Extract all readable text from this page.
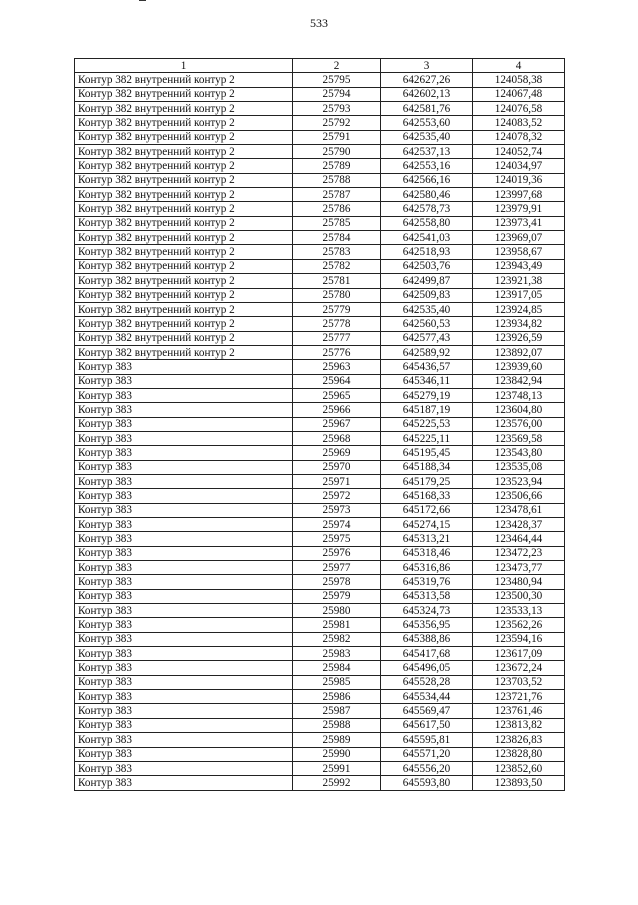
533
1	2	3	4
Контур 382 внутренний контур 2	25795	642627,26	124058,38
Контур 382 внутренний контур 2	25794	642602,13	124067,48
Контур 382 внутренний контур 2	25793	642581,76	124076,58
Контур 382 внутренний контур 2	25792	642553,60	124083,52
Контур 382 внутренний контур 2	25791	642535,40	124078,32
Контур 382 внутренний контур 2	25790	642537,13	124052,74
Контур 382 внутренний контур 2	25789	642553,16	124034,97
Контур 382 внутренний контур 2	25788	642566,16	124019,36
Контур 382 внутренний контур 2	25787	642580,46	123997,68
Контур 382 внутренний контур 2	25786	642578,73	123979,91
Контур 382 внутренний контур 2	25785	642558,80	123973,41
Контур 382 внутренний контур 2	25784	642541,03	123969,07
Контур 382 внутренний контур 2	25783	642518,93	123958,67
Контур 382 внутренний контур 2	25782	642503,76	123943,49
Контур 382 внутренний контур 2	25781	642499,87	123921,38
Контур 382 внутренний контур 2	25780	642509,83	123917,05
Контур 382 внутренний контур 2	25779	642535,40	123924,85
Контур 382 внутренний контур 2	25778	642560,53	123934,82
Контур 382 внутренний контур 2	25777	642577,43	123926,59
Контур 382 внутренний контур 2	25776	642589,92	123892,07
Контур 383	25963	645436,57	123939,60
Контур 383	25964	645346,11	123842,94
Контур 383	25965	645279,19	123748,13
Контур 383	25966	645187,19	123604,80
Контур 383	25967	645225,53	123576,00
Контур 383	25968	645225,11	123569,58
Контур 383	25969	645195,45	123543,80
Контур 383	25970	645188,34	123535,08
Контур 383	25971	645179,25	123523,94
Контур 383	25972	645168,33	123506,66
Контур 383	25973	645172,66	123478,61
Контур 383	25974	645274,15	123428,37
Контур 383	25975	645313,21	123464,44
Контур 383	25976	645318,46	123472,23
Контур 383	25977	645316,86	123473,77
Контур 383	25978	645319,76	123480,94
Контур 383	25979	645313,58	123500,30
Контур 383	25980	645324,73	123533,13
Контур 383	25981	645356,95	123562,26
Контур 383	25982	645388,86	123594,16
Контур 383	25983	645417,68	123617,09
Контур 383	25984	645496,05	123672,24
Контур 383	25985	645528,28	123703,52
Контур 383	25986	645534,44	123721,76
Контур 383	25987	645569,47	123761,46
Контур 383	25988	645617,50	123813,82
Контур 383	25989	645595,81	123826,83
Контур 383	25990	645571,20	123828,80
Контур 383	25991	645556,20	123852,60
Контур 383	25992	645593,80	123893,50
